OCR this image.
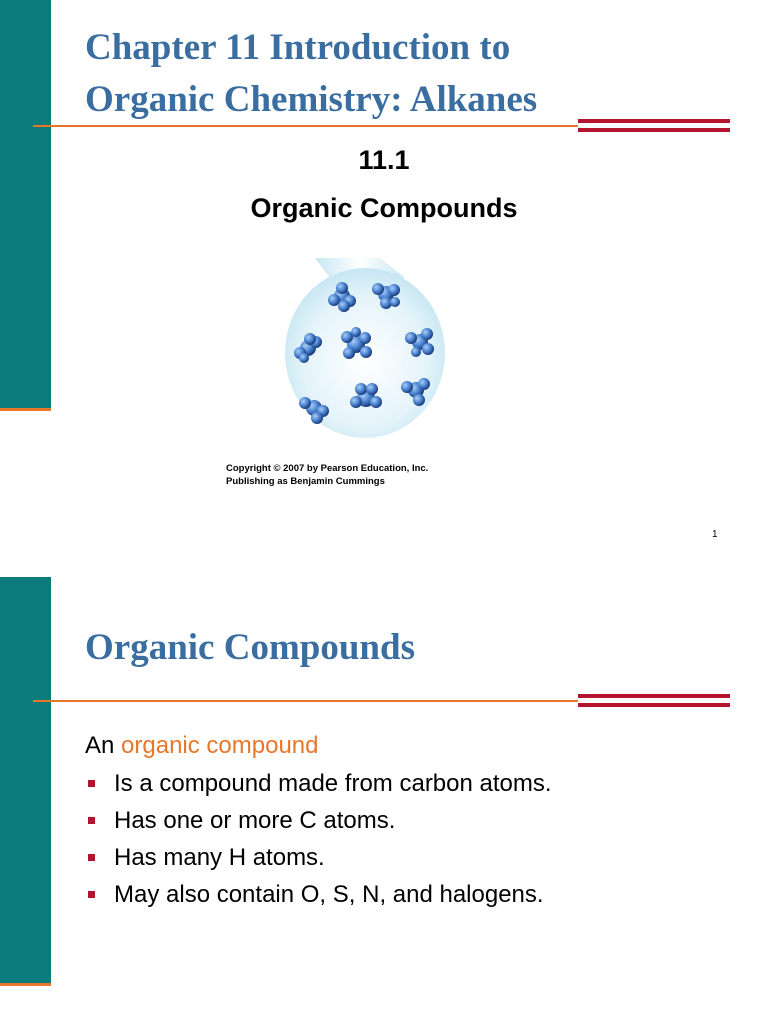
Chapter 11 Introduction to
Organic Chemistry: Alkanes
11.1
Organic Compounds
Copyright © 2007 by Pearson Education, Inc.
Publishing as Benjamin Cummings
1
Organic Compounds
An organic compound
Is a compound made from carbon atoms.
Has one or more C atoms.
Has many H atoms.
May also contain O, S, N, and halogens.
